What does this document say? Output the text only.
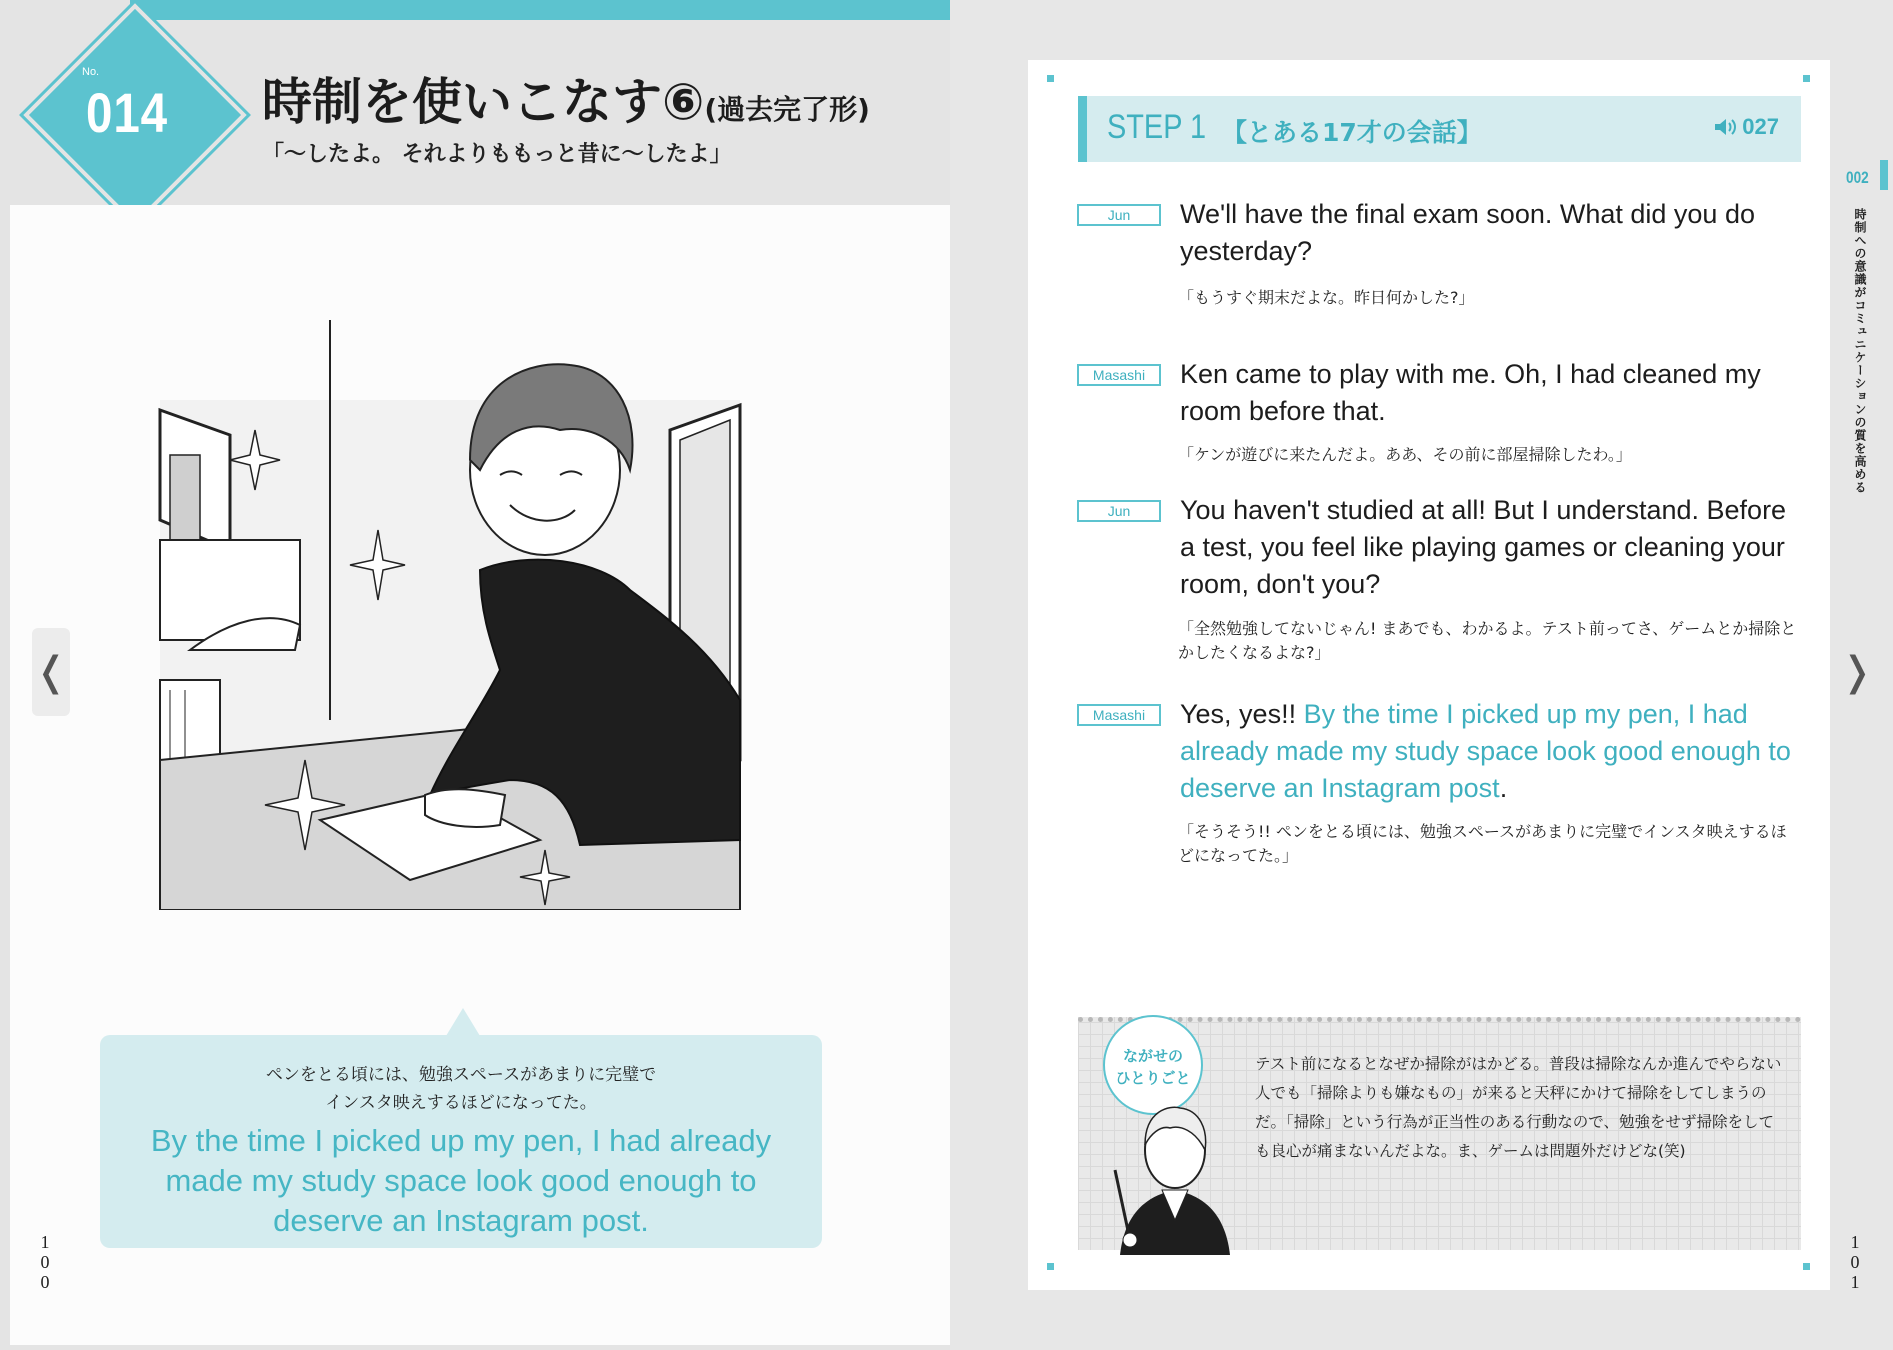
No.
014 時制を使いこなす⑥(過去完了形)
「～したよ。 それよりももっと昔に～したよ」
❬
ペンをとる頃には、勉強スペースがあまりに完璧で
インスタ映えするほどになってた。
By the time I picked up my pen, I had already
made my study space look good enough to
deserve an Instagram post.
1
0
0
STEP 1 【とある17才の会話】	027
Jun	We'll have the final exam soon. What did you do yesterday?
「もうすぐ期末だよな。昨日何かした?」
Masashi	Ken came to play with me. Oh, I had cleaned my room before that.
「ケンが遊びに来たんだよ。ああ、その前に部屋掃除したわ。」
Jun	You haven't studied at all! But I understand. Before a test, you feel like playing games or cleaning your room, don't you?
「全然勉強してないじゃん! まあでも、わかるよ。テスト前ってさ、ゲームとか掃除とかしたくなるよな?」
Masashi	Yes, yes!! By the time I picked up my pen, I had already made my study space look good enough to deserve an Instagram post.
「そうそう!! ペンをとる頃には、勉強スペースがあまりに完璧でインスタ映えするほどになってた。」
002
時制への意識がコミュニケーションの質を高める
❭
ながせの
ひとりごと
テスト前になるとなぜか掃除がはかどる。普段は掃除なんか進んでやらない人でも「掃除よりも嫌なもの」が来ると天秤にかけて掃除をしてしまうのだ。「掃除」という行為が正当性のある行動なので、勉強をせず掃除をしても良心が痛まないんだよな。ま、ゲームは問題外だけどな(笑)
1
0
1
